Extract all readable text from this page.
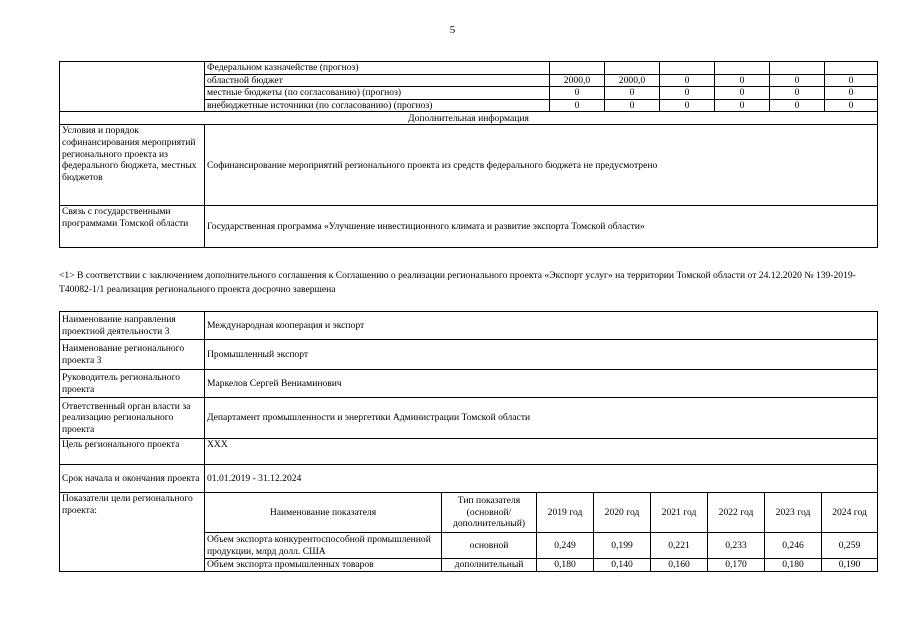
5
	Федеральном казначействе (прогноз)						
	областной бюджет	2000,0	2000,0	0	0	0	0
	местные бюджеты (по согласованию) (прогноз)	0	0	0	0	0	0
	внебюджетные источники (по согласованию) (прогноз)	0	0	0	0	0	0
Дополнительная информация							
Условия и порядок софинансирования мероприятий регионального проекта из федерального бюджета, местных бюджетов	Софинансирование мероприятий регионального проекта из средств федерального бюджета не предусмотрено						
Связь с государственными программами Томской области	Государственная программа «Улучшение инвестиционного климата и развитие экспорта Томской области»						
<1> В соответствии с заключением дополнительного соглашения к Соглашению о реализации регионального проекта «Экспорт услуг» на территории Томской области от 24.12.2020 № 139-2019-Т40082-1/1 реализация регионального проекта досрочно завершена
Наименование направления проектной деятельности 3	Международная кооперация и экспорт							
Наименование регионального проекта 3	Промышленный экспорт							
Руководитель регионального проекта	Маркелов Сергей Вениаминович							
Ответственный орган власти за реализацию регионального проекта	Департамент промышленности и энергетики Администрации Томской области							
Цель регионального проекта	ХХХ							
Срок начала и окончания проекта	01.01.2019 - 31.12.2024							
Показатели цели регионального проекта:	Наименование показателя	Тип показателя (основной/ дополнительный)	2019 год	2020 год	2021 год	2022 год	2023 год	2024 год
	Объем экспорта конкурентоспособной промышленной продукции, млрд долл. США	основной	0,249	0,199	0,221	0,233	0,246	0,259
	Объем экспорта промышленных товаров	дополнительный	0,180	0,140	0,160	0,170	0,180	0,190
